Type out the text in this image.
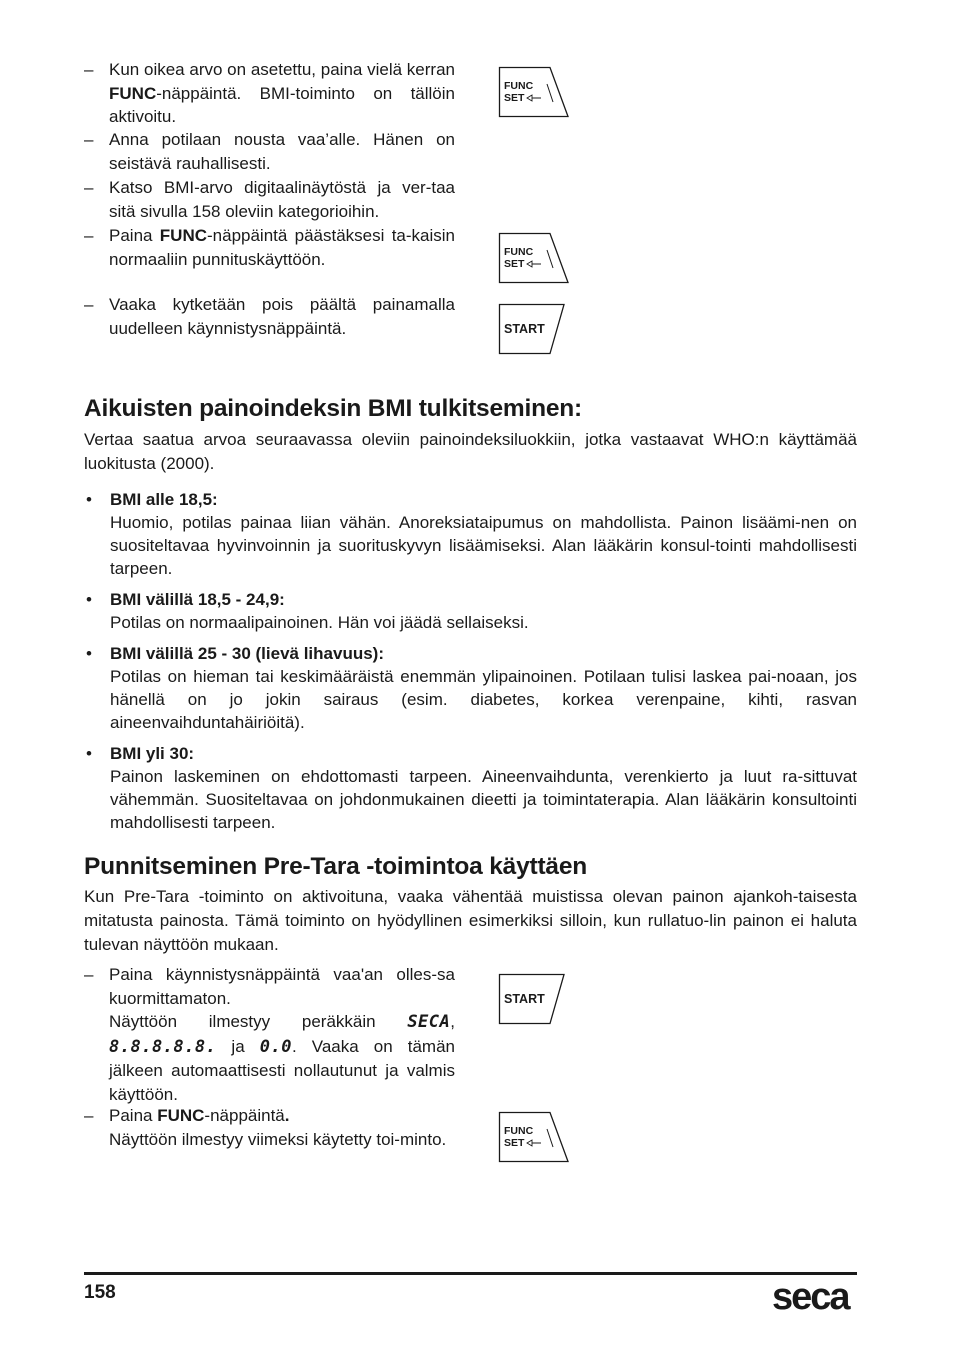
– Kun oikea arvo on asetettu, paina vielä kerran FUNC-näppäintä. BMI-toiminto on tällöin aktivoitu.
– Anna potilaan nousta vaa’alle. Hänen on seistävä rauhallisesti.
– Katso BMI-arvo digitaalinäytöstä ja ver-taa sitä sivulla 158 oleviin kategorioihin.
– Paina FUNC-näppäintä päästäksesi ta-kaisin normaaliin punnituskäyttöön.
– Vaaka kytketään pois päältä painamalla uudelleen käynnistysnäppäintä.
FUNC
SET
FUNC
SET
START
Aikuisten painoindeksin BMI tulkitseminen:
Vertaa saatua arvoa seuraavassa oleviin painoindeksiluokkiin, jotka vastaavat WHO:n käyttämää luokitusta (2000).
• BMI alle 18,5:
Huomio, potilas painaa liian vähän. Anoreksiataipumus on mahdollista. Painon lisäämi-nen on suositeltavaa hyvinvoinnin ja suorituskyvyn lisäämiseksi. Alan lääkärin konsul-tointi mahdollisesti tarpeen.
• BMI välillä 18,5 - 24,9:
Potilas on normaalipainoinen. Hän voi jäädä sellaiseksi.
• BMI välillä 25 - 30 (lievä lihavuus):
Potilas on hieman tai keskimääräistä enemmän ylipainoinen. Potilaan tulisi laskea pai-noaan, jos hänellä on jo jokin sairaus (esim. diabetes, korkea verenpaine, kihti, rasvan aineenvaihduntahäiriöitä).
• BMI yli 30:
Painon laskeminen on ehdottomasti tarpeen. Aineenvaihdunta, verenkierto ja luut ra-sittuvat vähemmän. Suositeltavaa on johdonmukainen dieetti ja toimintaterapia. Alan lääkärin konsultointi mahdollisesti tarpeen.
Punnitseminen Pre-Tara -toimintoa käyttäen
Kun Pre-Tara -toiminto on aktivoituna, vaaka vähentää muistissa olevan painon ajankoh-taisesta mitatusta painosta. Tämä toiminto on hyödyllinen esimerkiksi silloin, kun rullatuo-lin painon ei haluta tulevan näyttöön mukaan.
– Paina käynnistysnäppäintä vaa'an olles-sa kuormittamaton.
Näyttöön ilmestyy peräkkäin SECA, 8.8.8.8.8. ja 0.0. Vaaka on tämän jälkeen automaattisesti nollautunut ja valmis käyttöön.
– Paina FUNC-näppäintä.
Näyttöön ilmestyy viimeksi käytetty toi-minto.
START
FUNC
SET
158	seca
